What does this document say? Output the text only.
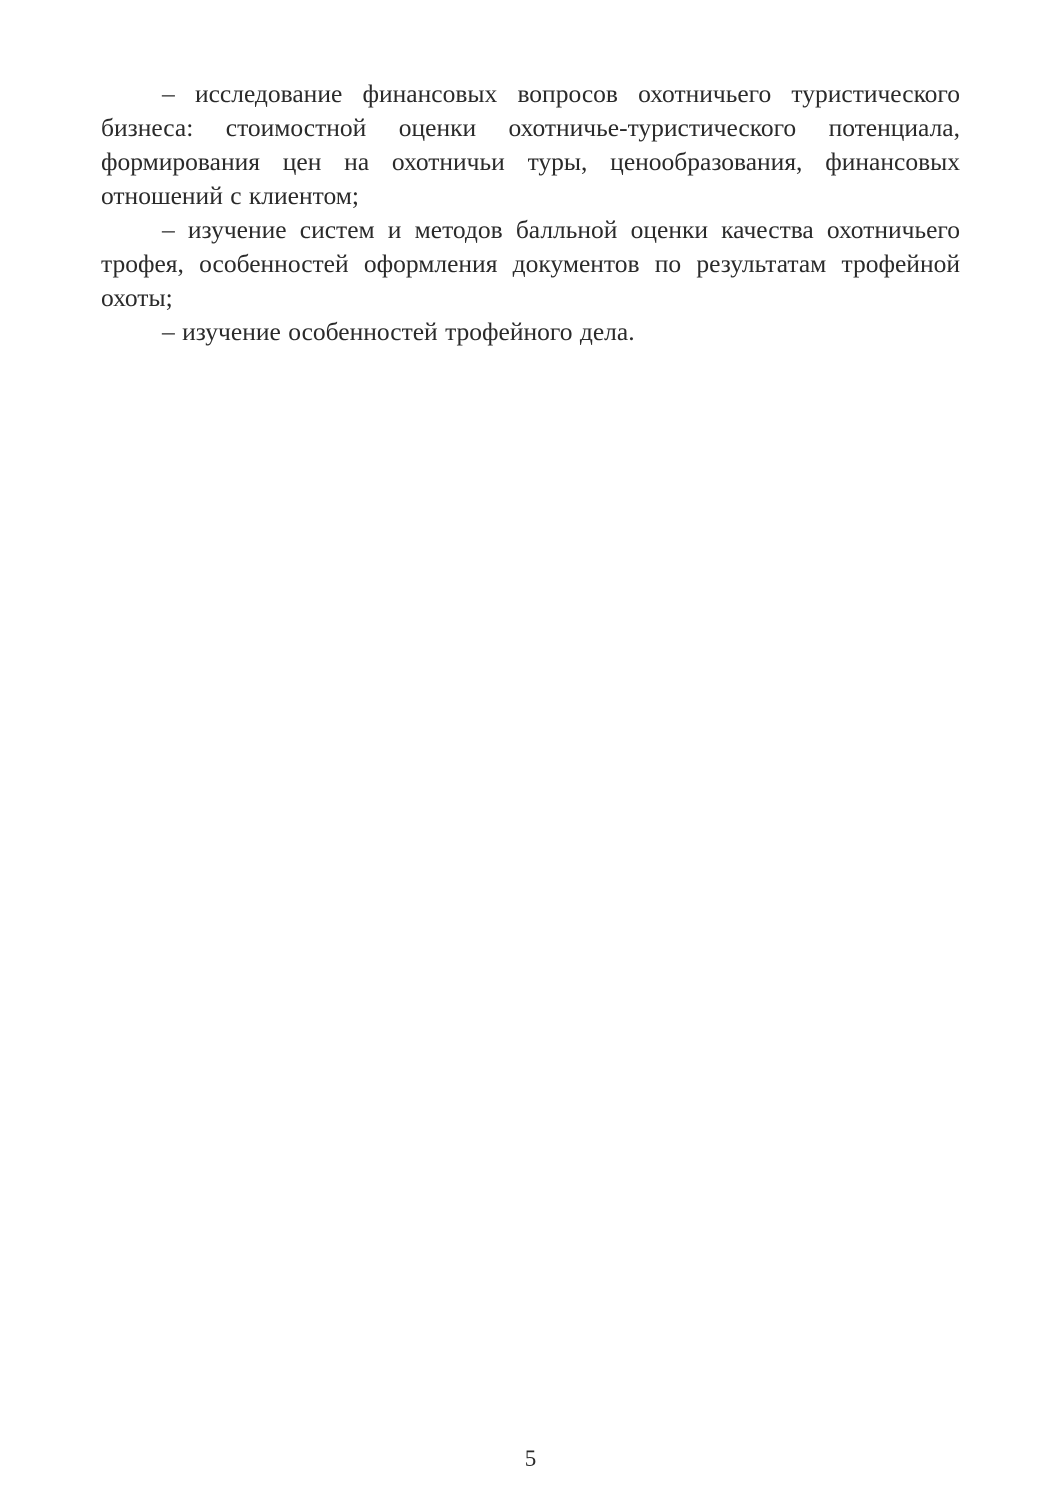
– исследование финансовых вопросов охотничьего туристического бизнеса: стоимостной оценки охотничье-туристического потенциала, формирования цен на охотничьи туры, ценообразования, финансовых отношений с клиентом;

– изучение систем и методов балльной оценки качества охотничьего трофея, особенностей оформления документов по результатам трофейной охоты;

– изучение особенностей трофейного дела.

5
